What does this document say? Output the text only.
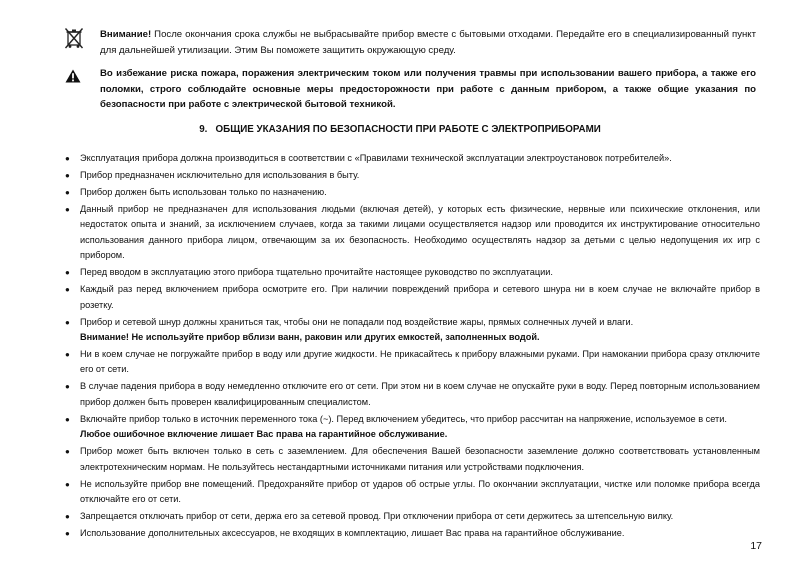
Внимание! После окончания срока службы не выбрасывайте прибор вместе с бытовыми отходами. Передайте его в специализированный пункт для дальнейшей утилизации. Этим Вы поможете защитить окружающую среду.
Во избежание риска пожара, поражения электрическим током или получения травмы при использовании вашего прибора, а также его поломки, строго соблюдайте основные меры предосторожности при работе с данным прибором, а также общие указания по безопасности при работе с электрической бытовой техникой.
9. ОБЩИЕ УКАЗАНИЯ ПО БЕЗОПАСНОСТИ ПРИ РАБОТЕ С ЭЛЕКТРОПРИБОРАМИ
● Эксплуатация прибора должна производиться в соответствии с «Правилами технической эксплуатации электроустановок потребителей».
● Прибор предназначен исключительно для использования в быту.
● Прибор должен быть использован только по назначению.
● Данный прибор не предназначен для использования людьми (включая детей), у которых есть физические, нервные или психические отклонения, или недостаток опыта и знаний, за исключением случаев, когда за такими лицами осуществляется надзор или проводится их инструктирование относительно использования данного прибора лицом, отвечающим за их безопасность. Необходимо осуществлять надзор за детьми с целью недопущения их игр с прибором.
● Перед вводом в эксплуатацию этого прибора тщательно прочитайте настоящее руководство по эксплуатации.
● Каждый раз перед включением прибора осмотрите его. При наличии повреждений прибора и сетевого шнура ни в коем случае не включайте прибор в розетку.
● Прибор и сетевой шнур должны храниться так, чтобы они не попадали под воздействие жары, прямых солнечных лучей и влаги.
Внимание! Не используйте прибор вблизи ванн, раковин или других емкостей, заполненных водой.
● Ни в коем случае не погружайте прибор в воду или другие жидкости. Не прикасайтесь к прибору влажными руками. При намокании прибора сразу отключите его от сети.
● В случае падения прибора в воду немедленно отключите его от сети. При этом ни в коем случае не опускайте руки в воду. Перед повторным использованием прибор должен быть проверен квалифицированным специалистом.
● Включайте прибор только в источник переменного тока (~). Перед включением убедитесь, что прибор рассчитан на напряжение, используемое в сети.
Любое ошибочное включение лишает Вас права на гарантийное обслуживание.
● Прибор может быть включен только в сеть с заземлением. Для обеспечения Вашей безопасности заземление должно соответствовать установленным электротехническим нормам. Не пользуйтесь нестандартными источниками питания или устройствами подключения.
● Не используйте прибор вне помещений. Предохраняйте прибор от ударов об острые углы. По окончании эксплуатации, чистке или поломке прибора всегда отключайте его от сети.
● Запрещается отключать прибор от сети, держа его за сетевой провод. При отключении прибора от сети держитесь за штепсельную вилку.
● Использование дополнительных аксессуаров, не входящих в комплектацию, лишает Вас права на гарантийное обслуживание.
17
